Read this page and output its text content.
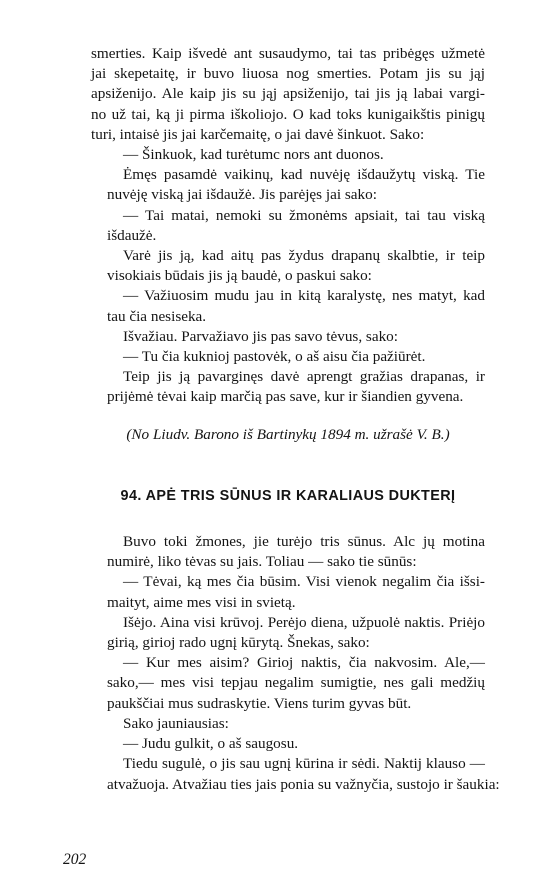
smerties. Kaip išvedė ant susaudymo, tai tas pribėgęs užmetė
jai skepetaitę, ir buvo liuosa nog smerties. Potam jis su jąj
apsiženijo. Ale kaip jis su jąj apsiženijo, tai jis ją labai vargi-
no už tai, ką ji pirma iškoliojo. O kad toks kunigaikštis pinigų
turi, intaisė jis jai karčemaitę, o jai davė šinkuot. Sako:

— Šinkuok, kad turėtumc nors ant duonos.

Ėmęs pasamdė vaikinų, kad nuvėję išdaužytų viską. Tie
nuvėję viską jai išdaužė. Jis parėjęs jai sako:

— Tai matai, nemoki su žmonėms apsiait, tai tau viską
išdaužė.

Varė jis ją, kad aitų pas žydus drapanų skalbtie, ir teip
visokiais būdais jis ją baudė, o paskui sako:

— Važiuosim mudu jau in kitą karalystę, nes matyt, kad
tau čia nesiseka.

Išvažiau. Parvažiavo jis pas savo tėvus, sako:

— Tu čia kuknioj pastovėk, o aš aisu čia pažiūrėt.

Teip jis ją pavarginęs davė aprengt gražias drapanas, ir
prijėmė tėvai kaip marčią pas save, kur ir šiandien gyvena.

(No Liudv. Barono iš Bartinykų 1894 m. užrašė V. B.)

94. APĖ TRIS SŪNUS IR KARALIAUS DUKTERĮ

Buvo toki žmones, jie turėjo tris sūnus. Alc jų motina
numirė, liko tėvas su jais. Toliau — sako tie sūnūs:

— Tėvai, ką mes čia būsim. Visi vienok negalim čia išsi-
maityt, aime mes visi in svietą.

Išėjo. Aina visi krūvoj. Perėjo diena, užpuolė naktis. Priėjo
girią, girioj rado ugnį kūrytą. Šnekas, sako:

— Kur mes aisim? Girioj naktis, čia nakvosim. Ale,—
sako,— mes visi tepjau negalim sumigtie, nes gali medžių
paukščiai mus sudraskytie. Viens turim gyvas būt.

Sako jauniausias:

— Judu gulkit, o aš saugosu.

Tiedu sugulė, o jis sau ugnį kūrina ir sėdi. Naktij klauso —
atvažuoja. Atvažiau ties jais ponia su važnyčia, sustojo ir šaukia:

202
